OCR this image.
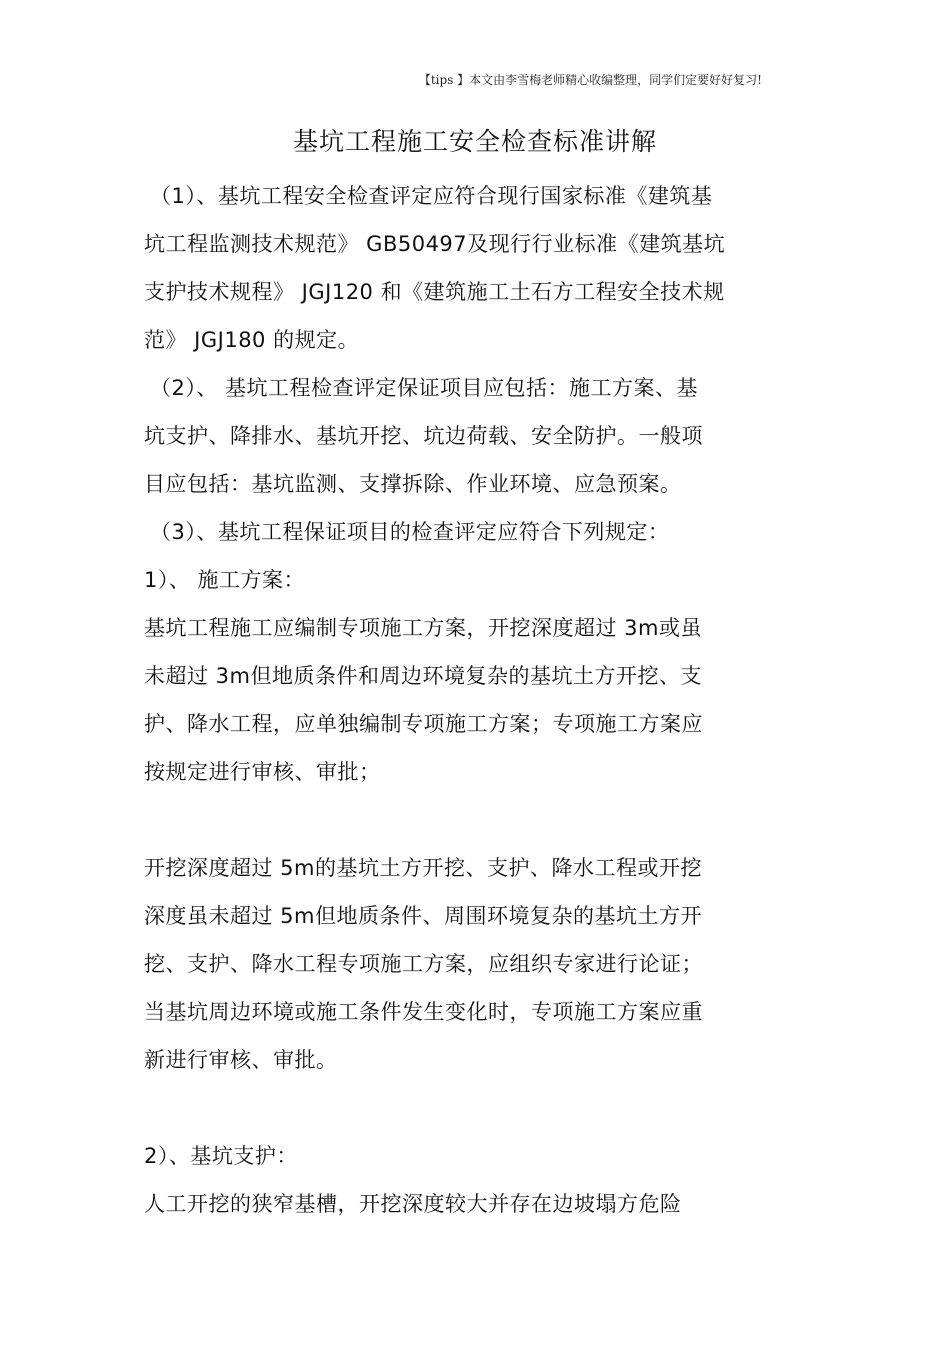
【tips 】本文由李雪梅老师精心收编整理，同学们定要好好复习!
基坑工程施工安全检查标准讲解
（1）、基坑工程安全检查评定应符合现行国家标准《建筑基
坑工程监测技术规范》 GB50497及现行行业标准《建筑基坑
支护技术规程》 JGJ120 和《建筑施工土石方工程安全技术规
范》 JGJ180 的规定。
（2）、 基坑工程检查评定保证项目应包括：施工方案、基
坑支护、降排水、基坑开挖、坑边荷载、安全防护。一般项
目应包括：基坑监测、支撑拆除、作业环境、应急预案。
（3）、基坑工程保证项目的检查评定应符合下列规定：
1）、 施工方案：
基坑工程施工应编制专项施工方案，开挖深度超过 3m或虽
未超过 3m但地质条件和周边环境复杂的基坑土方开挖、支
护、降水工程，应单独编制专项施工方案；专项施工方案应
按规定进行审核、审批；
开挖深度超过 5m的基坑土方开挖、支护、降水工程或开挖
深度虽未超过 5m但地质条件、周围环境复杂的基坑土方开
挖、支护、降水工程专项施工方案，应组织专家进行论证；
当基坑周边环境或施工条件发生变化时，专项施工方案应重
新进行审核、审批。
2）、基坑支护：
人工开挖的狭窄基槽，开挖深度较大并存在边坡塌方危险
